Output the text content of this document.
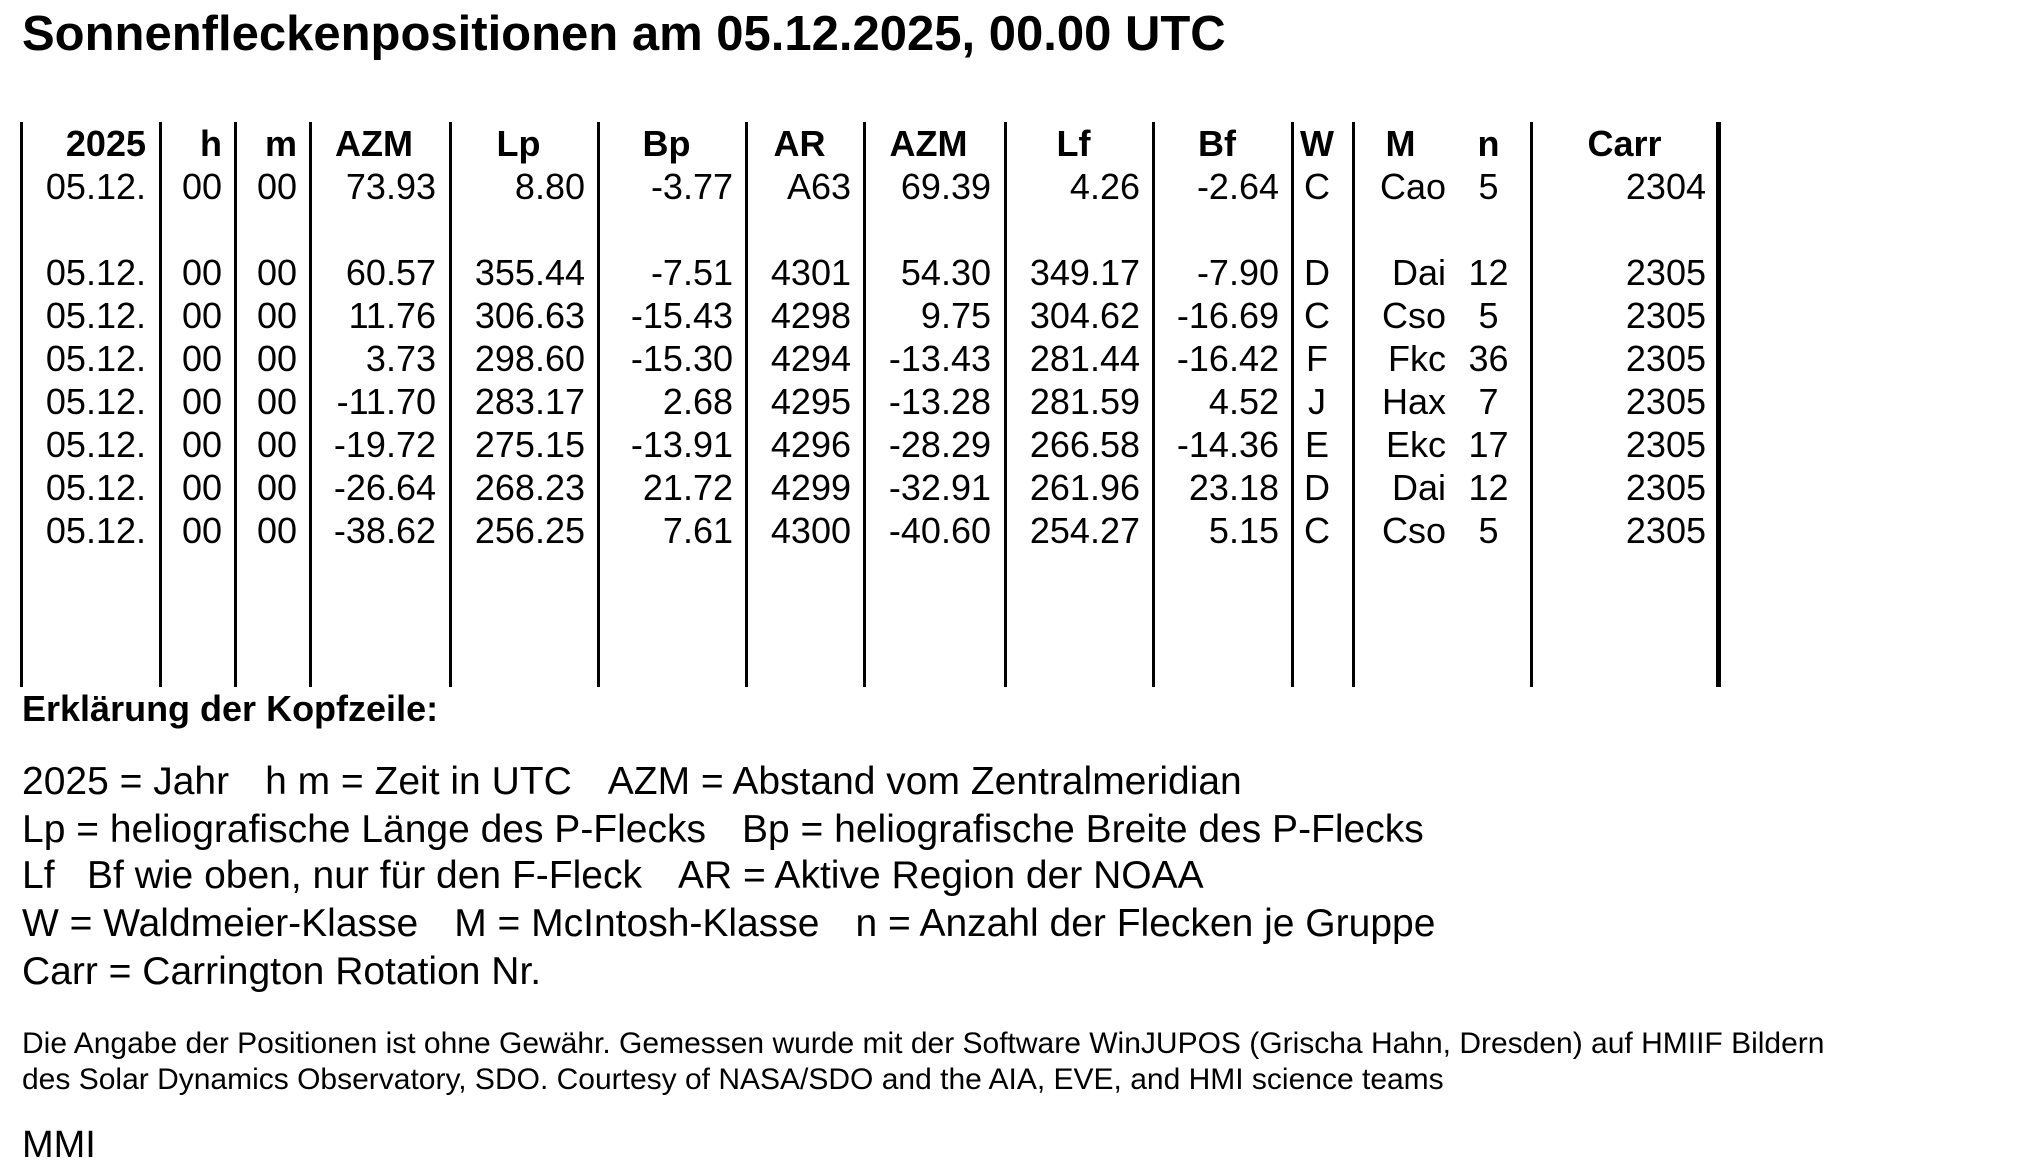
Sonnenfleckenpositionen am 05.12.2025, 00.00 UTC
2025	h	m	AZM	Lp	Bp	AR	AZM	Lf	Bf	W	M	n	Carr
05.12. 00 00	73.93	8.80	-3.77	A63	69.39	4.26	-2.64 C	Cao 5	2304
05.12. 00 00	60.57	355.44	-7.51	4301	54.30	349.17	-7.90 D	Dai 12	2305
05.12. 00 00	11.76	306.63	-15.43	4298	9.75	304.62	-16.69 C	Cso 5	2305
05.12. 00 00	3.73	298.60	-15.30	4294	-13.43	281.44	-16.42 F	Fkc 36	2305
05.12. 00 00	-11.70	283.17	2.68	4295	-13.28	281.59	4.52 J	Hax 7	2305
05.12. 00 00	-19.72	275.15	-13.91	4296	-28.29	266.58	-14.36 E	Ekc 17	2305
05.12. 00 00	-26.64	268.23	21.72	4299	-32.91	261.96	23.18 D	Dai 12	2305
05.12. 00 00	-38.62	256.25	7.61	4300	-40.60	254.27	5.15 C	Cso 5	2305
Erklärung der Kopfzeile:
2025 = Jahr h m = Zeit in UTC AZM = Abstand vom Zentralmeridian
Lp = heliografische Länge des P-Flecks Bp = heliografische Breite des P-Flecks
Lf   Bf wie oben, nur für den F-Fleck AR = Aktive Region der NOAA
W = Waldmeier-Klasse M = McIntosh-Klasse n = Anzahl der Flecken je Gruppe
Carr = Carrington Rotation Nr.
Die Angabe der Positionen ist ohne Gewähr. Gemessen wurde mit der Software WinJUPOS (Grischa Hahn, Dresden) auf HMIIF Bildern
des Solar Dynamics Observatory, SDO. Courtesy of NASA/SDO and the AIA, EVE, and HMI science teams
MMI
